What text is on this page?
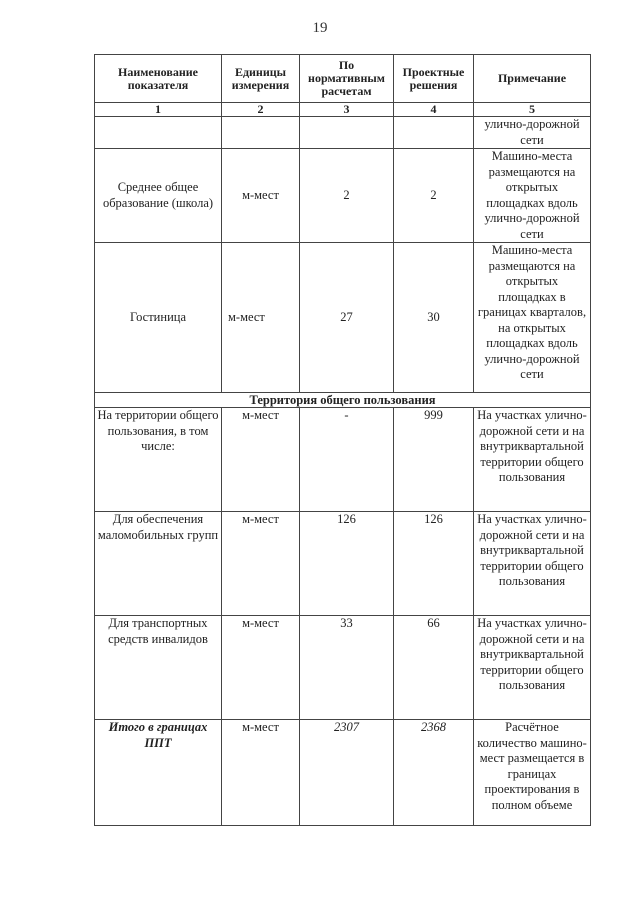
19
Наименование показателя	Единицы измерения	По нормативным расчетам	Проектные решения	Примечание
1	2	3	4	5
				улично-дорожной сети
Среднее общее образование (школа)	м-мест	2	2	Машино-места размещаются на открытых площадках вдоль улично-дорожной сети
Гостиница	м-мест	27	30	Машино-места размещаются на открытых площадках в границах кварталов, на открытых площадках вдоль улично-дорожной сети
Территория общего пользования				
На территории общего пользования, в том числе:	м-мест	-	999	На участках улично-дорожной сети и на внутриквартальной территории общего пользования
Для обеспечения маломобильных групп	м-мест	126	126	На участках улично-дорожной сети и на внутриквартальной территории общего пользования
Для транспортных средств инвалидов	м-мест	33	66	На участках улично-дорожной сети и на внутриквартальной территории общего пользования
Итого в границах ППТ	м-мест	2307	2368	Расчётное количество машино-мест размещается в границах проектирования в полном объеме
